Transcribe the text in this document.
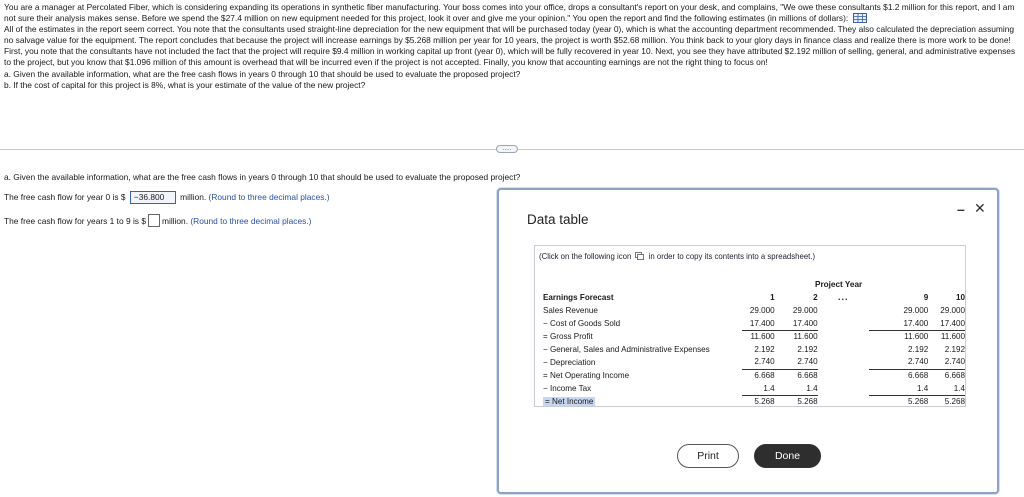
You are a manager at Percolated Fiber, which is considering expanding its operations in synthetic fiber manufacturing. Your boss comes into your office, drops a consultant's report on your desk, and complains, "We owe these consultants $1.2 million for this report, and I am not sure their analysis makes sense. Before we spend the $27.4 million on new equipment needed for this project, look it over and give me your opinion." You open the report and find the following estimates (in millions of dollars):

All of the estimates in the report seem correct. You note that the consultants used straight-line depreciation for the new equipment that will be purchased today (year 0), which is what the accounting department recommended. They also calculated the depreciation assuming no salvage value for the equipment. The report concludes that because the project will increase earnings by $5.268 million per year for 10 years, the project is worth $52.68 million. You think back to your glory days in finance class and realize there is more work to be done!

First, you note that the consultants have not included the fact that the project will require $9.4 million in working capital up front (year 0), which will be fully recovered in year 10. Next, you see they have attributed $2.192 million of selling, general, and administrative expenses to the project, but you know that $1.096 million of this amount is overhead that will be incurred even if the project is not accepted. Finally, you know that accounting earnings are not the right thing to focus on!

a. Given the available information, what are the free cash flows in years 0 through 10 that should be used to evaluate the proposed project?

b. If the cost of capital for this project is 8%, what is your estimate of the value of the new project?

.....
a. Given the available information, what are the free cash flows in years 0 through 10 that should be used to evaluate the proposed project?
The free cash flow for year 0 is $ −36.800 million. (Round to three decimal places.)
The free cash flow for years 1 to 9 is $ million. (Round to three decimal places.)	Data table
– ✕
(Click on the following icon in order to copy its contents into a spreadsheet.)
Project Year
...
Earnings Forecast	1	2		9	10
Sales Revenue	29.000	29.000		29.000	29.000
− Cost of Goods Sold	17.400	17.400		17.400	17.400
= Gross Profit	11.600	11.600		11.600	11.600
− General, Sales and Administrative Expenses	2.192	2.192		2.192	2.192
− Depreciation	2.740	2.740		2.740	2.740
= Net Operating Income	6.668	6.668		6.668	6.668
− Income Tax	1.4	1.4		1.4	1.4
= Net Income	5.268	5.268		5.268	5.268
Print	Done
